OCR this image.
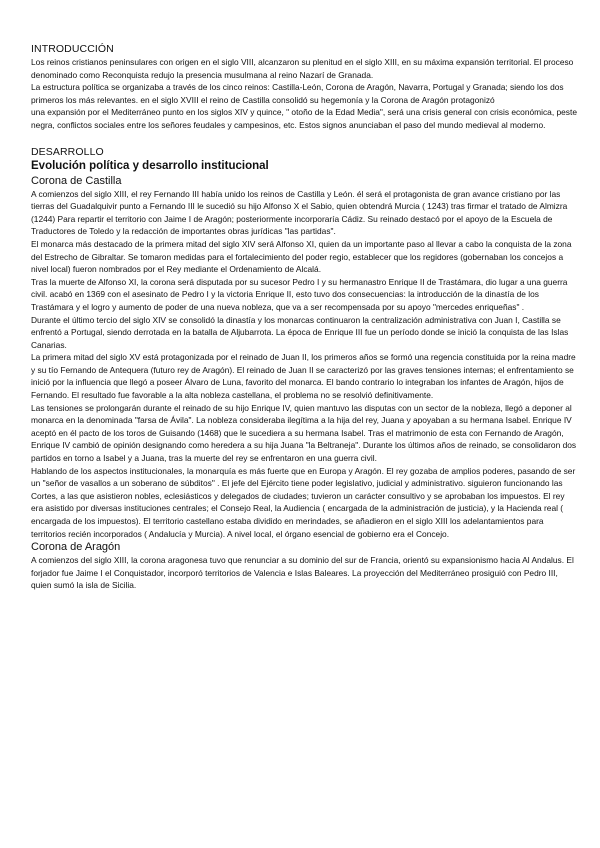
INTRODUCCIÓN

Los reinos cristianos peninsulares con origen en el siglo VIII, alcanzaron su plenitud en el siglo XIII, en su máxima expansión territorial. El proceso denominado como Reconquista redujo la presencia musulmana al reino Nazarí de Granada.

La estructura política se organizaba a través de los cinco reinos: Castilla-León, Corona de Aragón, Navarra, Portugal y Granada; siendo los dos primeros los más relevantes. en el siglo XVIII el reino de Castilla consolidó su hegemonía y la Corona de Aragón protagonizó

una expansión por el Mediterráneo punto en los siglos XIV y quince, " otoño de la Edad Media", será una crisis general con crisis económica, peste negra, conflictos sociales entre los señores feudales y campesinos, etc. Estos signos anunciaban el paso del mundo medieval al moderno.

DESARROLLO
Evolución política y desarrollo institucional
Corona de Castilla

A comienzos del siglo XIII, el rey Fernando III había unido los reinos de Castilla y León. él será el protagonista de gran avance cristiano por las tierras del Guadalquivir punto a Fernando III le sucedió su hijo Alfonso X el Sabio, quien obtendrá Murcia ( 1243) tras firmar el tratado de Almizra (1244) Para repartir el territorio con Jaime I de Aragón; posteriormente incorporaría Cádiz. Su reinado destacó por el apoyo de la Escuela de Traductores de Toledo y la redacción de importantes obras jurídicas "las partidas".

El monarca más destacado de la primera mitad del siglo XIV será Alfonso XI, quien da un importante paso al llevar a cabo la conquista de la zona del Estrecho de Gibraltar. Se tomaron medidas para el fortalecimiento del poder regio, establecer que los regidores (gobernaban los concejos a nivel local) fueron nombrados por el Rey mediante el Ordenamiento de Alcalá.

Tras la muerte de Alfonso XI, la corona será disputada por su sucesor Pedro I y su hermanastro Enrique II de Trastámara, dio lugar a una guerra civil. acabó en 1369 con el asesinato de Pedro I y la victoria Enrique II, esto tuvo dos consecuencias: la introducción de la dinastía de los Trastámara y el logro y aumento de poder de una nueva nobleza, que va a ser recompensada por su apoyo "mercedes enriqueñas" .

Durante el último tercio del siglo XIV se consolidó la dinastía y los monarcas continuaron la centralización administrativa con Juan I, Castilla se enfrentó a Portugal, siendo derrotada en la batalla de Aljubarrota. La época de Enrique III fue un período donde se inició la conquista de las Islas Canarias.

La primera mitad del siglo XV está protagonizada por el reinado de Juan II, los primeros años se formó una regencia constituida por la reina madre y su tío Fernando de Antequera (futuro rey de Aragón). El reinado de Juan II se caracterizó por las graves tensiones internas; el enfrentamiento se inició por la influencia que llegó a poseer Álvaro de Luna, favorito del monarca. El bando contrario lo integraban los infantes de Aragón, hijos de Fernando. El resultado fue favorable a la alta nobleza castellana, el problema no se resolvió definitivamente.

Las tensiones se prolongarán durante el reinado de su hijo Enrique IV, quien mantuvo las disputas con un sector de la nobleza, llegó a deponer al monarca en la denominada "farsa de Ávila". La nobleza consideraba ilegítima a la hija del rey, Juana y apoyaban a su hermana Isabel. Enrique IV aceptó en él pacto de los toros de Guisando (1468) que le sucediera a su hermana Isabel. Tras el matrimonio de esta con Fernando de Aragón, Enrique IV cambió de opinión designando como heredera a su hija Juana "la Beltraneja". Durante los últimos años de reinado, se consolidaron dos partidos en torno a Isabel y a Juana, tras la muerte del rey se enfrentaron en una guerra civil.

Hablando de los aspectos institucionales, la monarquía es más fuerte que en Europa y Aragón. El rey gozaba de amplios poderes, pasando de ser un "señor de vasallos a un soberano de súbditos" . El jefe del Ejército tiene poder legislativo, judicial y administrativo. siguieron funcionando las Cortes, a las que asistieron nobles, eclesiásticos y delegados de ciudades; tuvieron un carácter consultivo y se aprobaban los impuestos. El rey era asistido por diversas instituciones centrales; el Consejo Real, la Audiencia ( encargada de la administración de justicia), y la Hacienda real ( encargada de los impuestos). El territorio castellano estaba dividido en merindades, se añadieron en el siglo XIII los adelantamientos para territorios recién incorporados ( Andalucía y Murcia). A nivel local, el órgano esencial de gobierno era el Concejo.

Corona de Aragón

A comienzos del siglo XIII, la corona aragonesa tuvo que renunciar a su dominio del sur de Francia, orientó su expansionismo hacia Al Andalus. El forjador fue Jaime I el Conquistador, incorporó territorios de Valencia e Islas Baleares. La proyección del Mediterráneo prosiguió con Pedro III, quien sumó la isla de Sicilia.
